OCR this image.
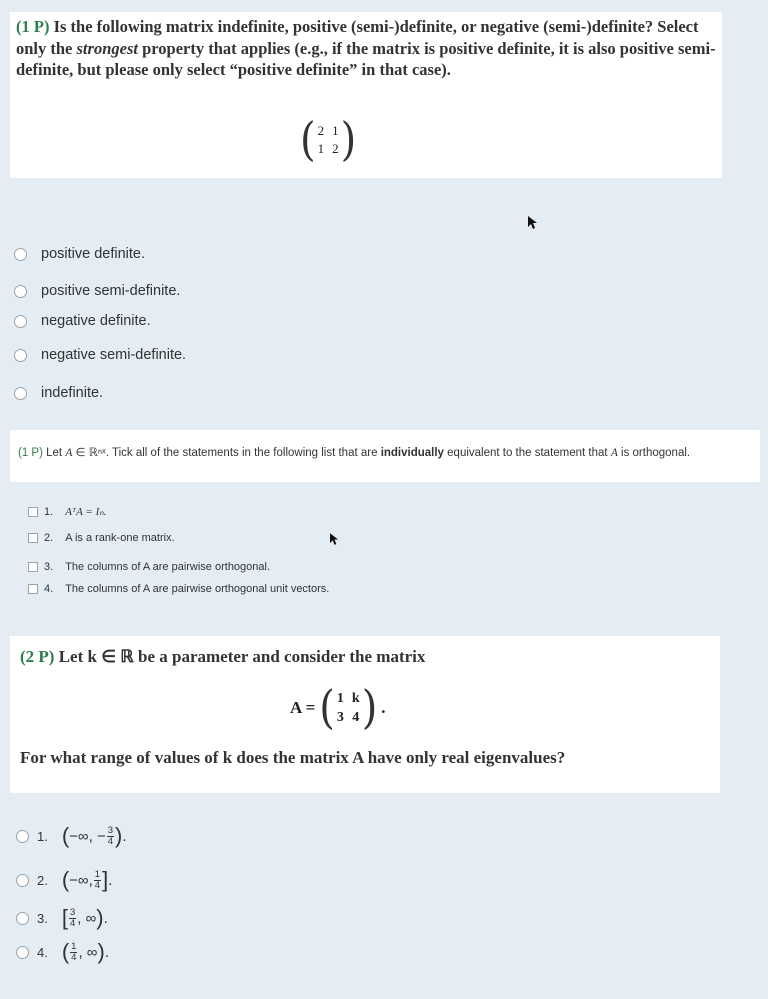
(1 P) Is the following matrix indefinite, positive (semi-)definite, or negative (semi-)definite? Select only the strongest property that applies (e.g., if the matrix is positive definite, it is also positive semi-definite, but please only select “positive definite” in that case).
( 2 1
1 2 )
positive definite.
positive semi-definite.
negative definite.
negative semi-definite.
indefinite.
(1 P) Let A ∈ ℝⁿˣ. Tick all of the statements in the following list that are individually equivalent to the statement that A is orthogonal.
1. AᵀA = Iₙ.
2. A is a rank-one matrix.
3. The columns of A are pairwise orthogonal.
4. The columns of A are pairwise orthogonal unit vectors.
(2 P) Let k ∈ ℝ be a parameter and consider the matrix
A = ( 1 k
3 4 ) .
For what range of values of k does the matrix A have only real eigenvalues?
1. ( −∞, − $\frac{3}{4}$ ) .
2. ( −∞, $\frac{1}{4}$ ] .
3. [ $\frac{3}{4}$ , ∞ ) .
4. ( $\frac{1}{4}$ , ∞ ) .
